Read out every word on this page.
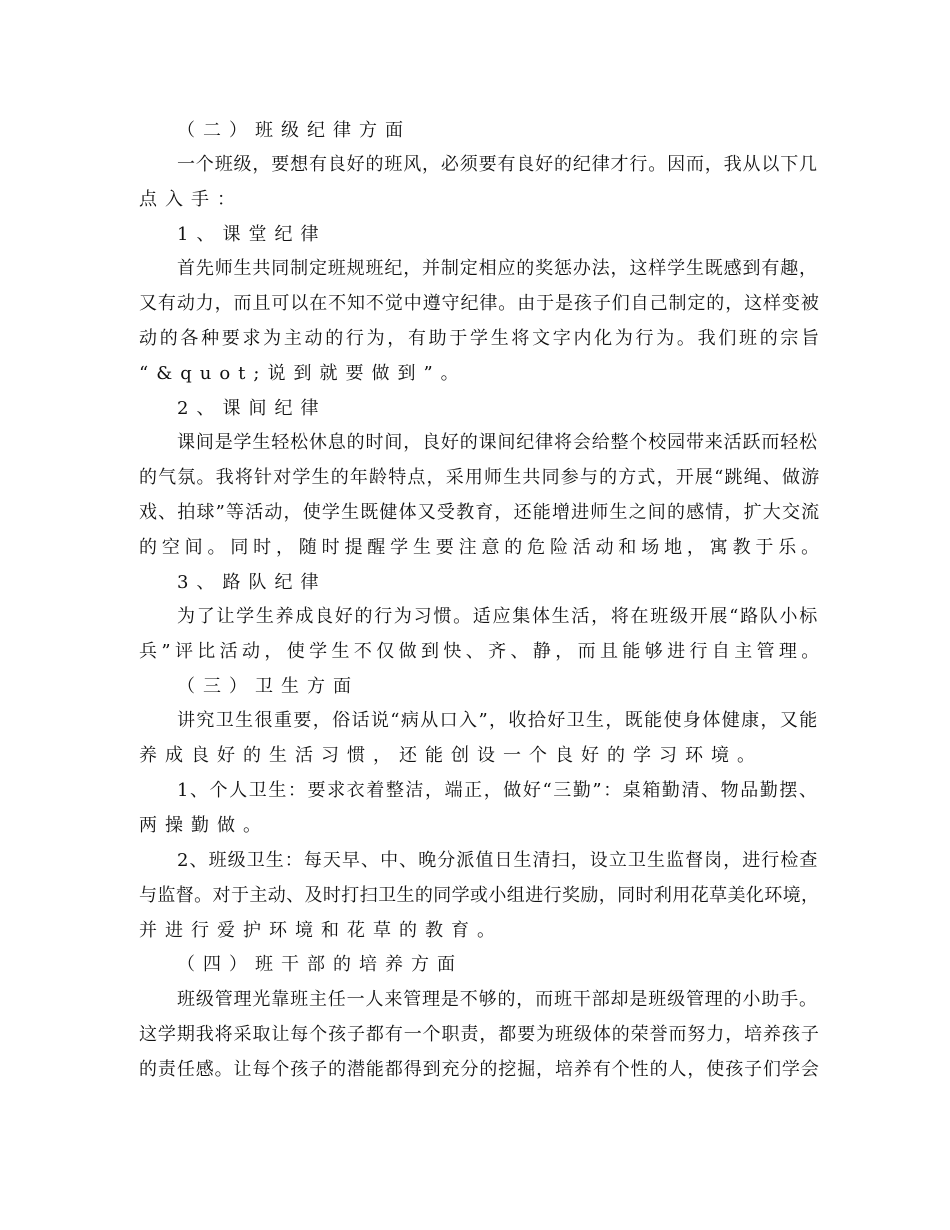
（二）班级纪律方面
一个班级，要想有良好的班风，必须要有良好的纪律才行。因而，我从以下几
点入手：
1、课堂纪律
首先师生共同制定班规班纪，并制定相应的奖惩办法，这样学生既感到有趣，
又有动力，而且可以在不知不觉中遵守纪律。由于是孩子们自己制定的，这样变被
动的各种要求为主动的行为，有助于学生将文字内化为行为。我们班的宗旨
“&quot;说到就要做到”。
2、课间纪律
课间是学生轻松休息的时间，良好的课间纪律将会给整个校园带来活跃而轻松
的气氛。我将针对学生的年龄特点，采用师生共同参与的方式，开展“跳绳、做游
戏、拍球”等活动，使学生既健体又受教育，还能增进师生之间的感情，扩大交流
的空间。同时，随时提醒学生要注意的危险活动和场地，寓教于乐。
3、路队纪律
为了让学生养成良好的行为习惯。适应集体生活，将在班级开展“路队小标
兵”评比活动，使学生不仅做到快、齐、静，而且能够进行自主管理。
（三）卫生方面
讲究卫生很重要，俗话说“病从口入”，收拾好卫生，既能使身体健康，又能
养成良好的生活习惯，还能创设一个良好的学习环境。
1、个人卫生：要求衣着整洁，端正，做好“三勤”：桌箱勤清、物品勤摆、
两操勤做。
2、班级卫生：每天早、中、晚分派值日生清扫，设立卫生监督岗，进行检查
与监督。对于主动、及时打扫卫生的同学或小组进行奖励，同时利用花草美化环境，
并进行爱护环境和花草的教育。
（四）班干部的培养方面
班级管理光靠班主任一人来管理是不够的，而班干部却是班级管理的小助手。
这学期我将采取让每个孩子都有一个职责，都要为班级体的荣誉而努力，培养孩子
的责任感。让每个孩子的潜能都得到充分的挖掘，培养有个性的人，使孩子们学会
